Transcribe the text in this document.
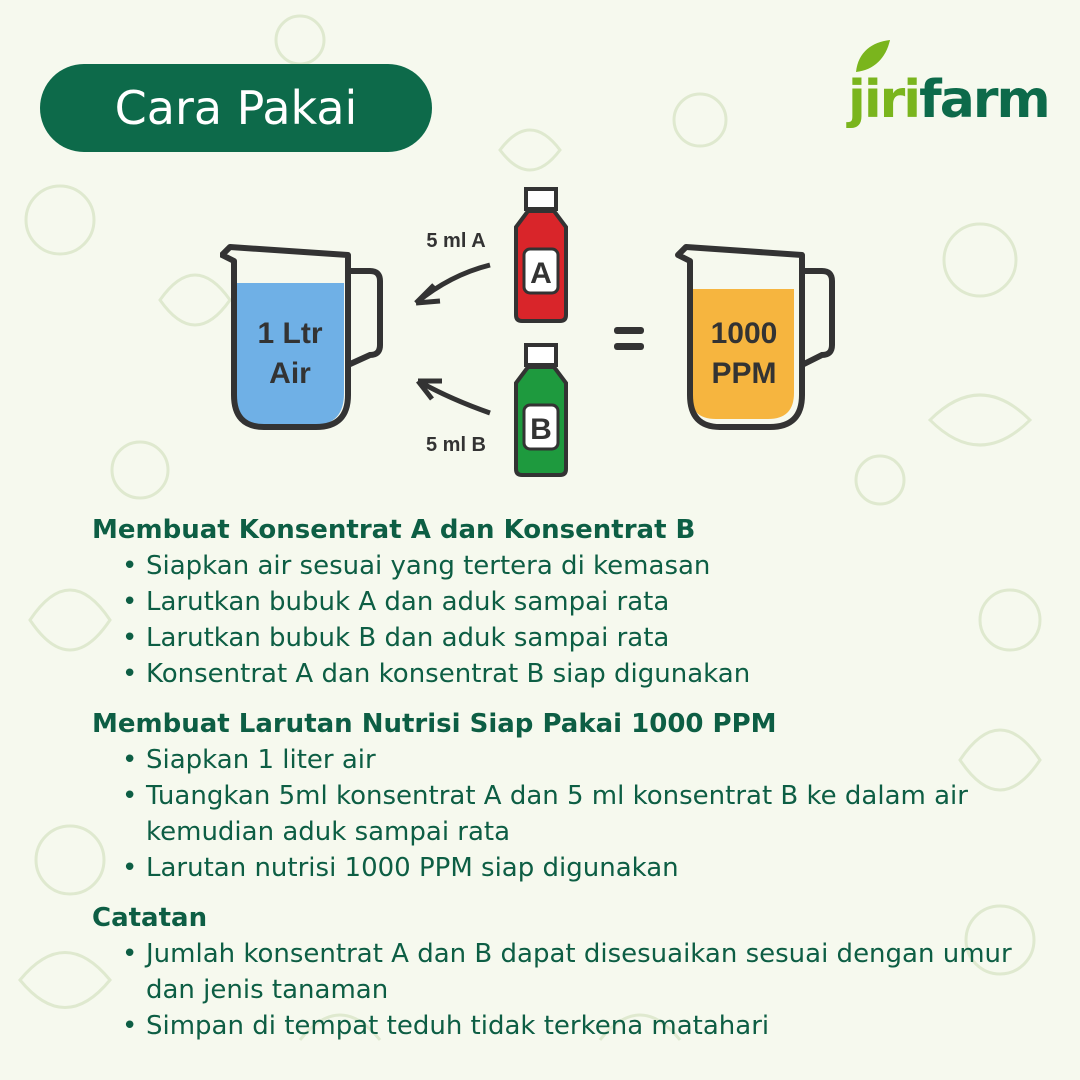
Cara Pakai	jirifarm
1 Ltr
Air
5 ml A
5 ml B
A
B
1000
PPM
Membuat Konsentrat A dan Konsentrat B
• Siapkan air sesuai yang tertera di kemasan
• Larutkan bubuk A dan aduk sampai rata
• Larutkan bubuk B dan aduk sampai rata
• Konsentrat A dan konsentrat B siap digunakan
Membuat Larutan Nutrisi Siap Pakai 1000 PPM
• Siapkan 1 liter air
• Tuangkan 5ml konsentrat A dan 5 ml konsentrat B ke dalam air kemudian aduk sampai rata
• Larutan nutrisi 1000 PPM siap digunakan
Catatan
• Jumlah konsentrat A dan B dapat disesuaikan sesuai dengan umur dan jenis tanaman
• Simpan di tempat teduh tidak terkena matahari
